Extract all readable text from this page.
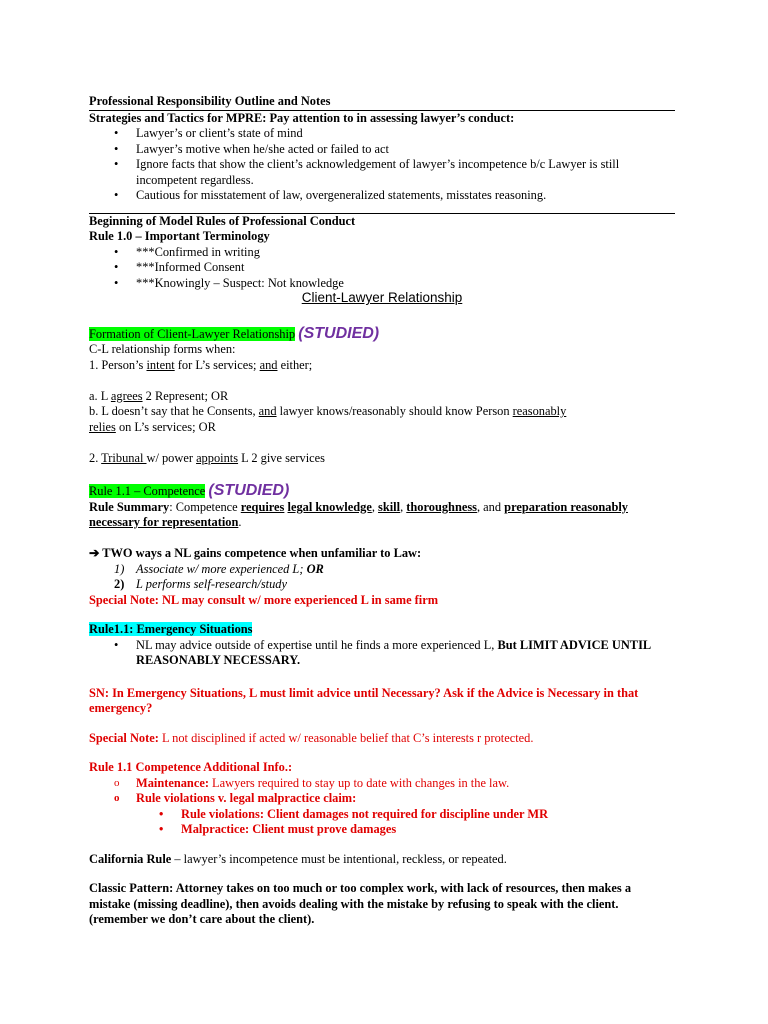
Professional Responsibility Outline and Notes
Strategies and Tactics for MPRE: Pay attention to in assessing lawyer’s conduct:
• Lawyer’s or client’s state of mind
• Lawyer’s motive when he/she acted or failed to act
• Ignore facts that show the client’s acknowledgement of lawyer’s incompetence b/c Lawyer is still incompetent regardless.
• Cautious for misstatement of law, overgeneralized statements, misstates reasoning.
Beginning of Model Rules of Professional Conduct
Rule 1.0 – Important Terminology
• ***Confirmed in writing
• ***Informed Consent
• ***Knowingly – Suspect: Not knowledge
Client-Lawyer Relationship
Formation of Client-Lawyer Relationship (STUDIED)
C-L relationship forms when:
1. Person’s intent for L’s services; and either;
a. L agrees 2 Represent; OR
b. L doesn’t say that he Consents, and lawyer knows/reasonably should know Person reasonably
relies on L’s services; OR
2. Tribunal w/ power appoints L 2 give services
Rule 1.1 – Competence (STUDIED)
Rule Summary: Competence requires legal knowledge, skill, thoroughness, and preparation reasonably necessary for representation.
➔ TWO ways a NL gains competence when unfamiliar to Law:
1) Associate w/ more experienced L; OR
2) L performs self-research/study
Special Note: NL may consult w/ more experienced L in same firm
Rule1.1: Emergency Situations
• NL may advice outside of expertise until he finds a more experienced L, But LIMIT ADVICE UNTIL REASONABLY NECESSARY.
SN: In Emergency Situations, L must limit advice until Necessary? Ask if the Advice is Necessary in that emergency?
Special Note: L not disciplined if acted w/ reasonable belief that C’s interests r protected.
Rule 1.1 Competence Additional Info.:
o Maintenance: Lawyers required to stay up to date with changes in the law.
o Rule violations v. legal malpractice claim:
• Rule violations: Client damages not required for discipline under MR
• Malpractice: Client must prove damages
California Rule – lawyer’s incompetence must be intentional, reckless, or repeated.
Classic Pattern: Attorney takes on too much or too complex work, with lack of resources, then makes a mistake (missing deadline), then avoids dealing with the mistake by refusing to speak with the client. (remember we don’t care about the client).
